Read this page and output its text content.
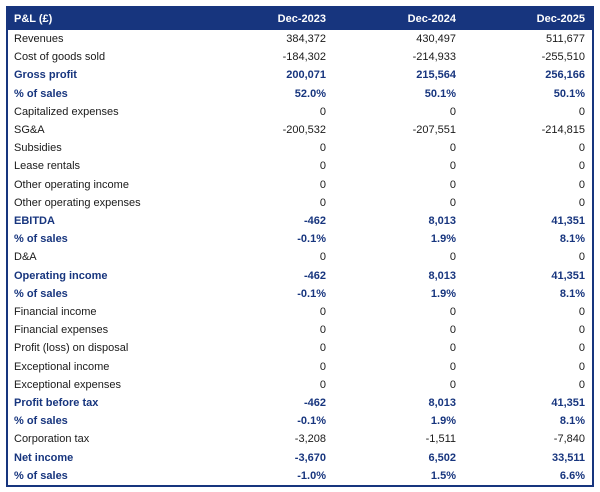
P&L (£)	Dec-2023	Dec-2024	Dec-2025
Revenues	384,372	430,497	511,677
Cost of goods sold	-184,302	-214,933	-255,510
Gross profit	200,071	215,564	256,166
% of sales	52.0%	50.1%	50.1%
Capitalized expenses	0	0	0
SG&A	-200,532	-207,551	-214,815
Subsidies	0	0	0
Lease rentals	0	0	0
Other operating income	0	0	0
Other operating expenses	0	0	0
EBITDA	-462	8,013	41,351
% of sales	-0.1%	1.9%	8.1%
D&A	0	0	0
Operating income	-462	8,013	41,351
% of sales	-0.1%	1.9%	8.1%
Financial income	0	0	0
Financial expenses	0	0	0
Profit (loss) on disposal	0	0	0
Exceptional income	0	0	0
Exceptional expenses	0	0	0
Profit before tax	-462	8,013	41,351
% of sales	-0.1%	1.9%	8.1%
Corporation tax	-3,208	-1,511	-7,840
Net income	-3,670	6,502	33,511
% of sales	-1.0%	1.5%	6.6%
